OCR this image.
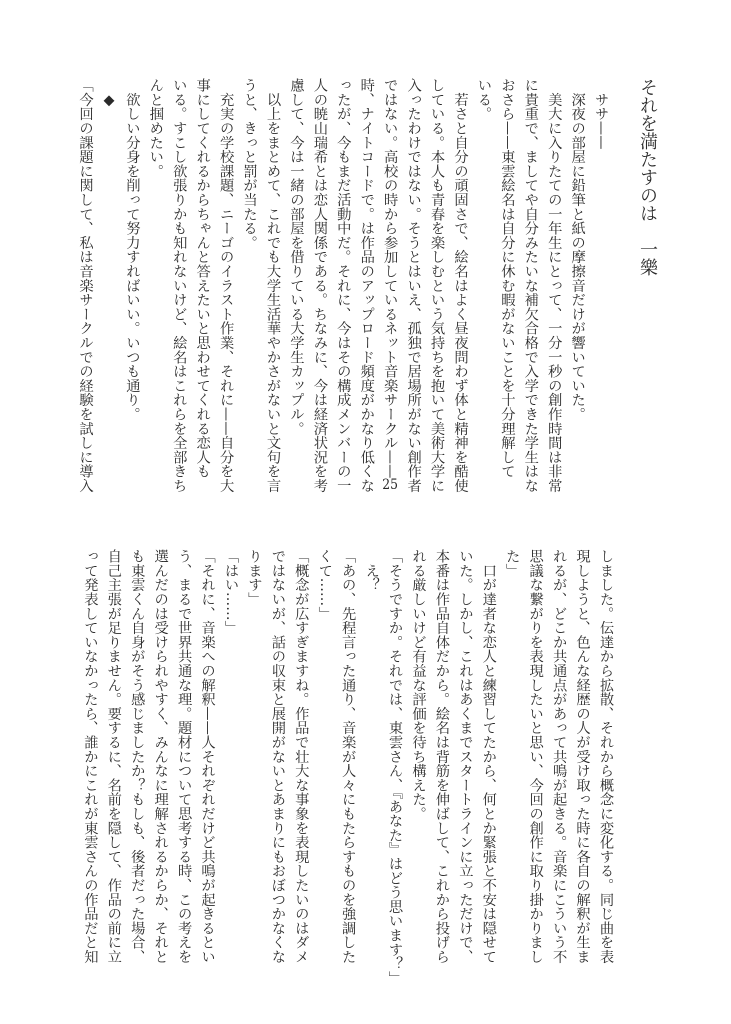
それを満たすのは　一樂
　ササ——
　深夜の部屋に鉛筆と紙の摩擦音だけが響いていた。
　美大に入りたての一年生にとって、一分一秒の創作時間は非常
に貴重で、ましてや自分みたいな補欠合格で入学できた学生はな
おさら——東雲絵名は自分に休む暇がないことを十分理解して
いる。
　若さと自分の頑固さで、絵名はよく昼夜問わず体と精神を酷使
している。本人も青春を楽しむという気持ちを抱いて美術大学に
入ったわけではない。そうとはいえ、孤独で居場所がない創作者
ではない。高校の時から参加しているネット音楽サークル——25
時、ナイトコードで。は作品のアップロード頻度がかなり低くな
ったが、今もまだ活動中だ。それに、今はその構成メンバーの一
人の暁山瑞希とは恋人関係である。ちなみに、今は経済状況を考
慮して、今は一緒の部屋を借りている大学生カップル。
　以上をまとめて、これでも大学生活華やかさがないと文句を言
うと、きっと罰が当たる。
　充実の学校課題、ニーゴのイラスト作業、それに——自分を大
事にしてくれるからちゃんと答えたいと思わせてくれる恋人も
いる。すこし欲張りかも知れないけど、絵名はこれらを全部きち
んと掴めたい。
　欲しい分身を削って努力すればいい。いつも通り。
　◆
「今回の課題に関して、私は音楽サークルでの経験を試しに導入
しました。伝達から拡散、それから概念に変化する。同じ曲を表
現しようと、色んな経歴の人が受け取った時に各自の解釈が生ま
れるが、どこか共通点があって共鳴が起きる。音楽にこういう不
思議な繋がりを表現したいと思い、今回の創作に取り掛かりまし
た」
　口が達者な恋人と練習してたから、何とか緊張と不安は隠せて
いた。しかし、これはあくまでスタートラインに立っただけで、
本番は作品自体だから。絵名は背筋を伸ばして、これから投げら
れる厳しいけど有益な評価を待ち構えた。
「そうですか。それでは、東雲さん、『あなた』はどう思います？」
　え？
「あの、先程言った通り、音楽が人々にもたらすものを強調した
くて……」
「概念が広すぎますね。作品で壮大な事象を表現したいのはダメ
ではないが、話の収束と展開がないとあまりにもおぼつかなくな
ります」
「はい……」
「それに、音楽への解釈——人それぞれだけど共鳴が起きるとい
う、まるで世界共通な理。題材について思考する時、この考えを
選んだのは受けられやすく、みんなに理解されるからか、それと
も東雲くん自身がそう感じましたか？もしも、後者だった場合、
自己主張が足りません。要するに、名前を隠して、作品の前に立
って発表していなかったら、誰かにこれが東雲さんの作品だと知
